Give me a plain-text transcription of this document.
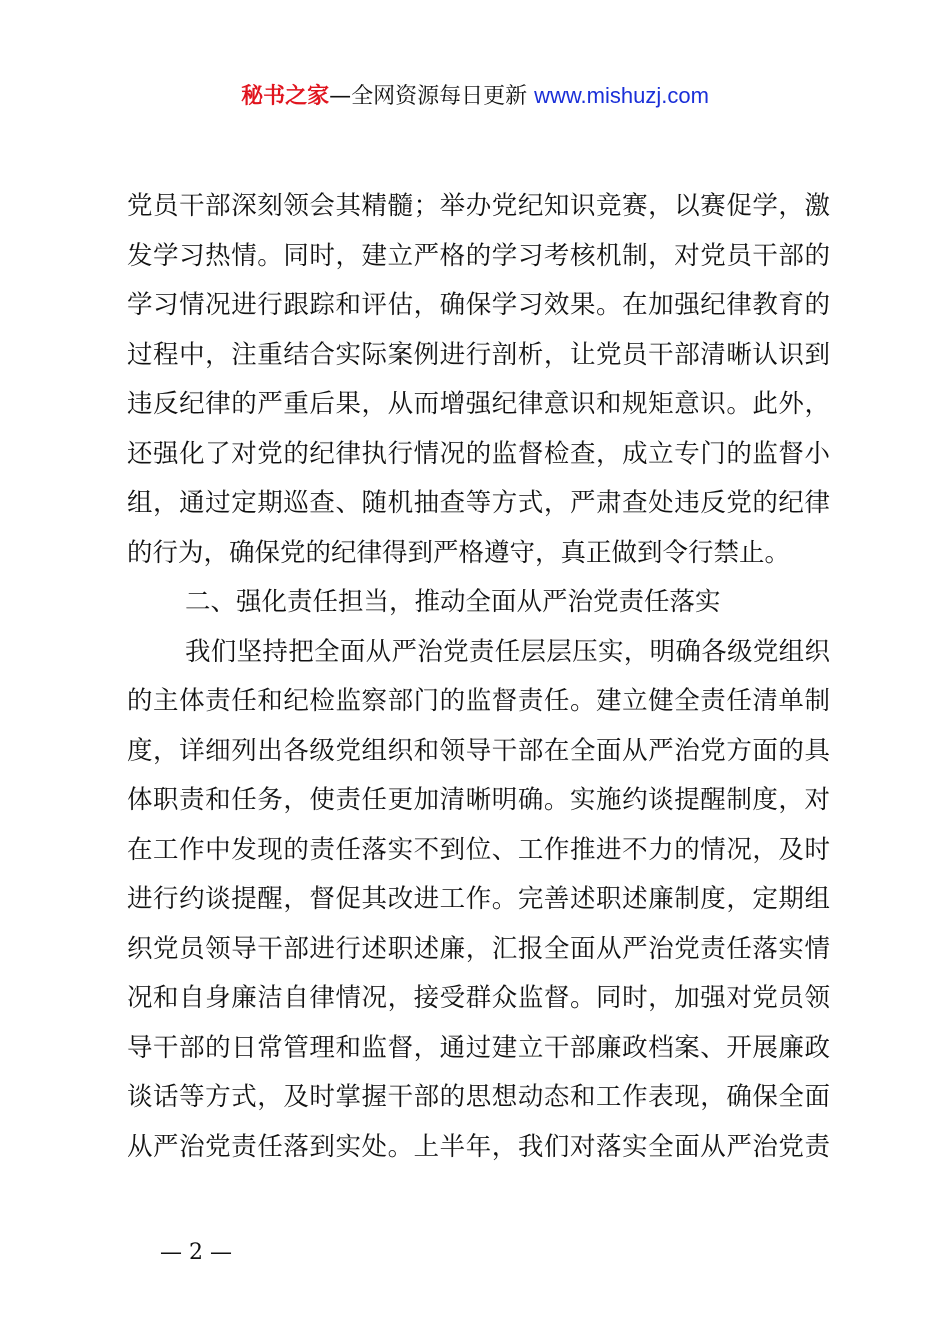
秘书之家—全网资源每日更新 www.mishuzj.com
党员干部深刻领会其精髓；举办党纪知识竞赛，以赛促学，激
发学习热情。同时，建立严格的学习考核机制，对党员干部的
学习情况进行跟踪和评估，确保学习效果。在加强纪律教育的
过程中，注重结合实际案例进行剖析，让党员干部清晰认识到
违反纪律的严重后果，从而增强纪律意识和规矩意识。此外，
还强化了对党的纪律执行情况的监督检查，成立专门的监督小
组，通过定期巡查、随机抽查等方式，严肃查处违反党的纪律
的行为，确保党的纪律得到严格遵守，真正做到令行禁止。
二、强化责任担当，推动全面从严治党责任落实
我们坚持把全面从严治党责任层层压实，明确各级党组织
的主体责任和纪检监察部门的监督责任。建立健全责任清单制
度，详细列出各级党组织和领导干部在全面从严治党方面的具
体职责和任务，使责任更加清晰明确。实施约谈提醒制度，对
在工作中发现的责任落实不到位、工作推进不力的情况，及时
进行约谈提醒，督促其改进工作。完善述职述廉制度，定期组
织党员领导干部进行述职述廉，汇报全面从严治党责任落实情
况和自身廉洁自律情况，接受群众监督。同时，加强对党员领
导干部的日常管理和监督，通过建立干部廉政档案、开展廉政
谈话等方式，及时掌握干部的思想动态和工作表现，确保全面
从严治党责任落到实处。上半年，我们对落实全面从严治党责
— 2 —
